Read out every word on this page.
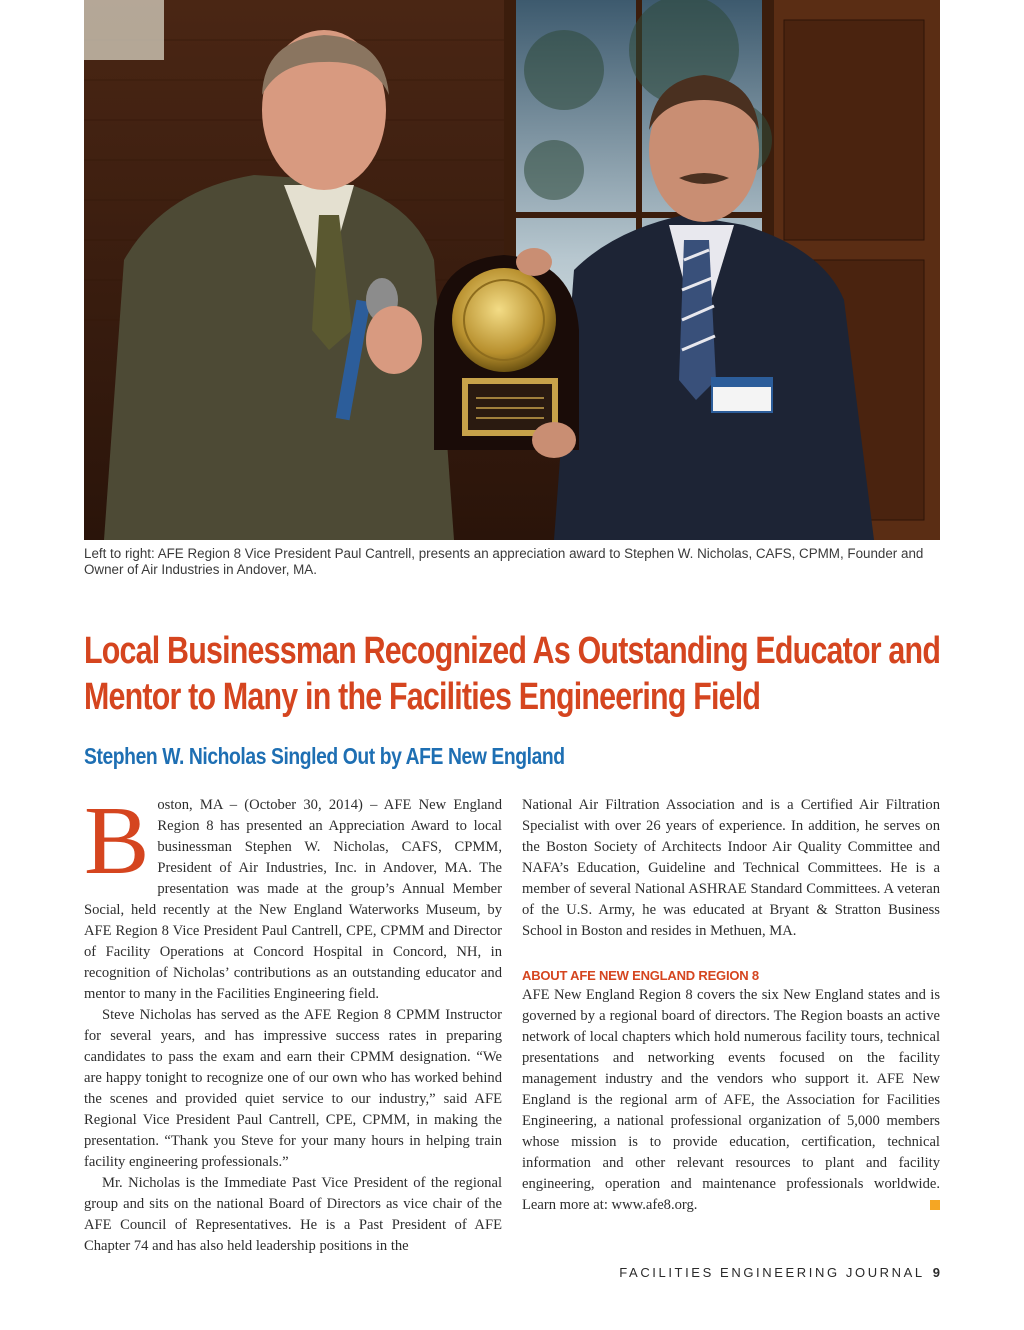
Left to right: AFE Region 8 Vice President Paul Cantrell, presents an appreciation award to Stephen W. Nicholas, CAFS, CPMM, Founder and Owner of Air Industries in Andover, MA.
Local Businessman Recognized As Outstanding Educator and Mentor to Many in the Facilities Engineering Field
Stephen W. Nicholas Singled Out by AFE New England

Boston, MA – (October 30, 2014) – AFE New England Region 8 has presented an Appreciation Award to local businessman Stephen W. Nicholas, CAFS, CPMM, President of Air Industries, Inc. in Andover, MA. The presentation was made at the group’s Annual Member Social, held recently at the New England Waterworks Museum, by AFE Region 8 Vice President Paul Cantrell, CPE, CPMM and Director of Facility Operations at Concord Hospital in Concord, NH, in recognition of Nicholas’ contributions as an outstanding educator and mentor to many in the Facilities Engineering field.

Steve Nicholas has served as the AFE Region 8 CPMM Instructor for several years, and has impressive success rates in preparing candidates to pass the exam and earn their CPMM designation. “We are happy tonight to recognize one of our own who has worked behind the scenes and provided quiet service to our industry,” said AFE Regional Vice President Paul Cantrell, CPE, CPMM, in making the presentation. “Thank you Steve for your many hours in helping train facility engineering professionals.”

Mr. Nicholas is the Immediate Past Vice President of the regional group and sits on the national Board of Directors as vice chair of the AFE Council of Representatives. He is a Past President of AFE Chapter 74 and has also held leadership positions in the

National Air Filtration Association and is a Certified Air Filtration Specialist with over 26 years of experience. In addition, he serves on the Boston Society of Architects Indoor Air Quality Committee and NAFA’s Education, Guideline and Technical Committees. He is a member of several National ASHRAE Standard Committees. A veteran of the U.S. Army, he was educated at Bryant & Stratton Business School in Boston and resides in Methuen, MA.

ABOUT AFE NEW ENGLAND REGION 8

AFE New England Region 8 covers the six New England states and is governed by a regional board of directors. The Region boasts an active network of local chapters which hold numerous facility tours, technical presentations and networking events focused on the facility management industry and the vendors who support it. AFE New England is the regional arm of AFE, the Association for Facilities Engineering, a national professional organization of 5,000 members whose mission is to provide education, certification, technical information and other relevant resources to plant and facility engineering, operation and maintenance professionals worldwide. Learn more at: www.afe8.org.

FACILITIES ENGINEERING JOURNAL 9
